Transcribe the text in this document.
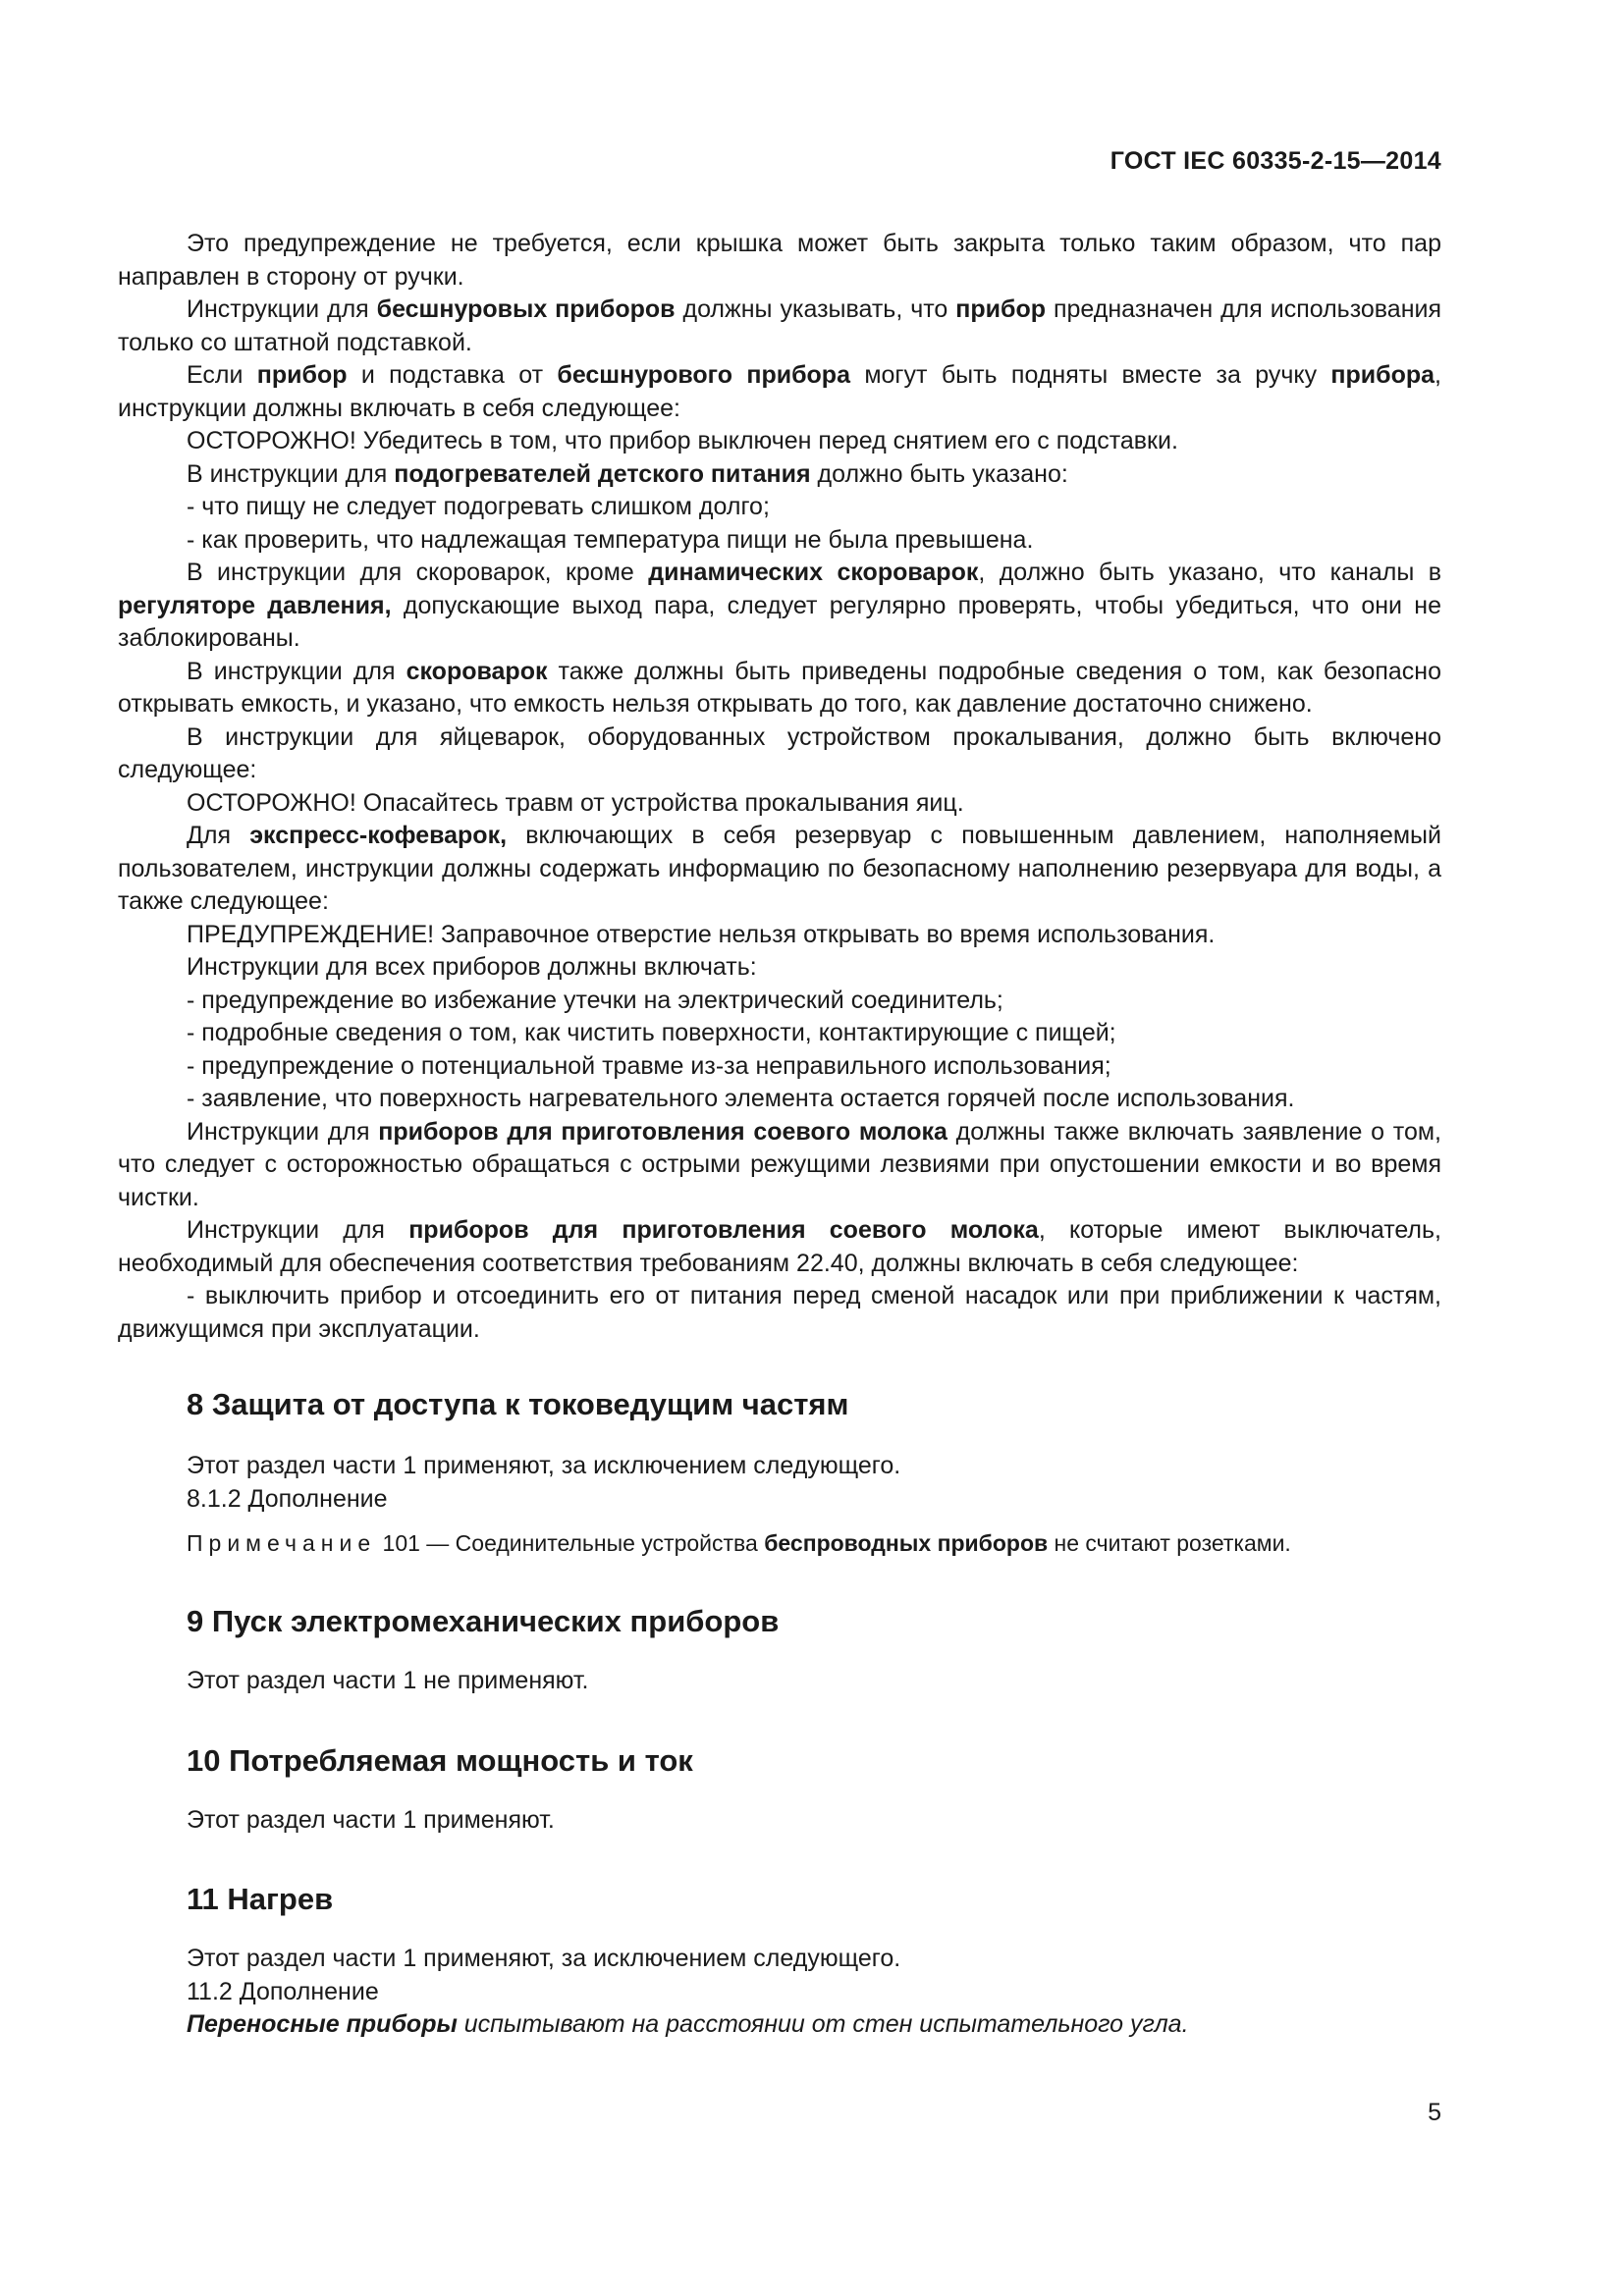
ГОСТ IEC 60335-2-15—2014

Это предупреждение не требуется, если крышка может быть закрыта только таким образом, что пар направлен в сторону от ручки.

Инструкции для бесшнуровых приборов должны указывать, что прибор предназначен для использования только со штатной подставкой.

Если прибор и подставка от бесшнурового прибора могут быть подняты вместе за ручку прибора, инструкции должны включать в себя следующее:

ОСТОРОЖНО! Убедитесь в том, что прибор выключен перед снятием его с подставки.

В инструкции для подогревателей детского питания должно быть указано:

- что пищу не следует подогревать слишком долго;

- как проверить, что надлежащая температура пищи не была превышена.

В инструкции для скороварок, кроме динамических скороварок, должно быть указано, что каналы в регуляторе давления, допускающие выход пара, следует регулярно проверять, чтобы убедиться, что они не заблокированы.

В инструкции для скороварок также должны быть приведены подробные сведения о том, как безопасно открывать емкость, и указано, что емкость нельзя открывать до того, как давление достаточно снижено.

В инструкции для яйцеварок, оборудованных устройством прокалывания, должно быть включено следующее:

ОСТОРОЖНО! Опасайтесь травм от устройства прокалывания яиц.

Для экспресс-кофеварок, включающих в себя резервуар с повышенным давлением, наполняемый пользователем, инструкции должны содержать информацию по безопасному наполнению резервуара для воды, а также следующее:

ПРЕДУПРЕЖДЕНИЕ! Заправочное отверстие нельзя открывать во время использования.

Инструкции для всех приборов должны включать:

- предупреждение во избежание утечки на электрический соединитель;

- подробные сведения о том, как чистить поверхности, контактирующие с пищей;

- предупреждение о потенциальной травме из-за неправильного использования;

- заявление, что поверхность нагревательного элемента остается горячей после использования.

Инструкции для приборов для приготовления соевого молока должны также включать заявление о том, что следует с осторожностью обращаться с острыми режущими лезвиями при опустошении емкости и во время чистки.

Инструкции для приборов для приготовления соевого молока, которые имеют выключатель, необходимый для обеспечения соответствия требованиям 22.40, должны включать в себя следующее:

- выключить прибор и отсоединить его от питания перед сменой насадок или при приближении к частям, движущимся при эксплуатации.

8 Защита от доступа к токоведущим частям

Этот раздел части 1 применяют, за исключением следующего.

8.1.2 Дополнение

Примечание 101 — Соединительные устройства беспроводных приборов не считают розетками.

9 Пуск электромеханических приборов

Этот раздел части 1 не применяют.

10 Потребляемая мощность и ток

Этот раздел части 1 применяют.

11 Нагрев

Этот раздел части 1 применяют, за исключением следующего.

11.2 Дополнение

Переносные приборы испытывают на расстоянии от стен испытательного угла.

5
